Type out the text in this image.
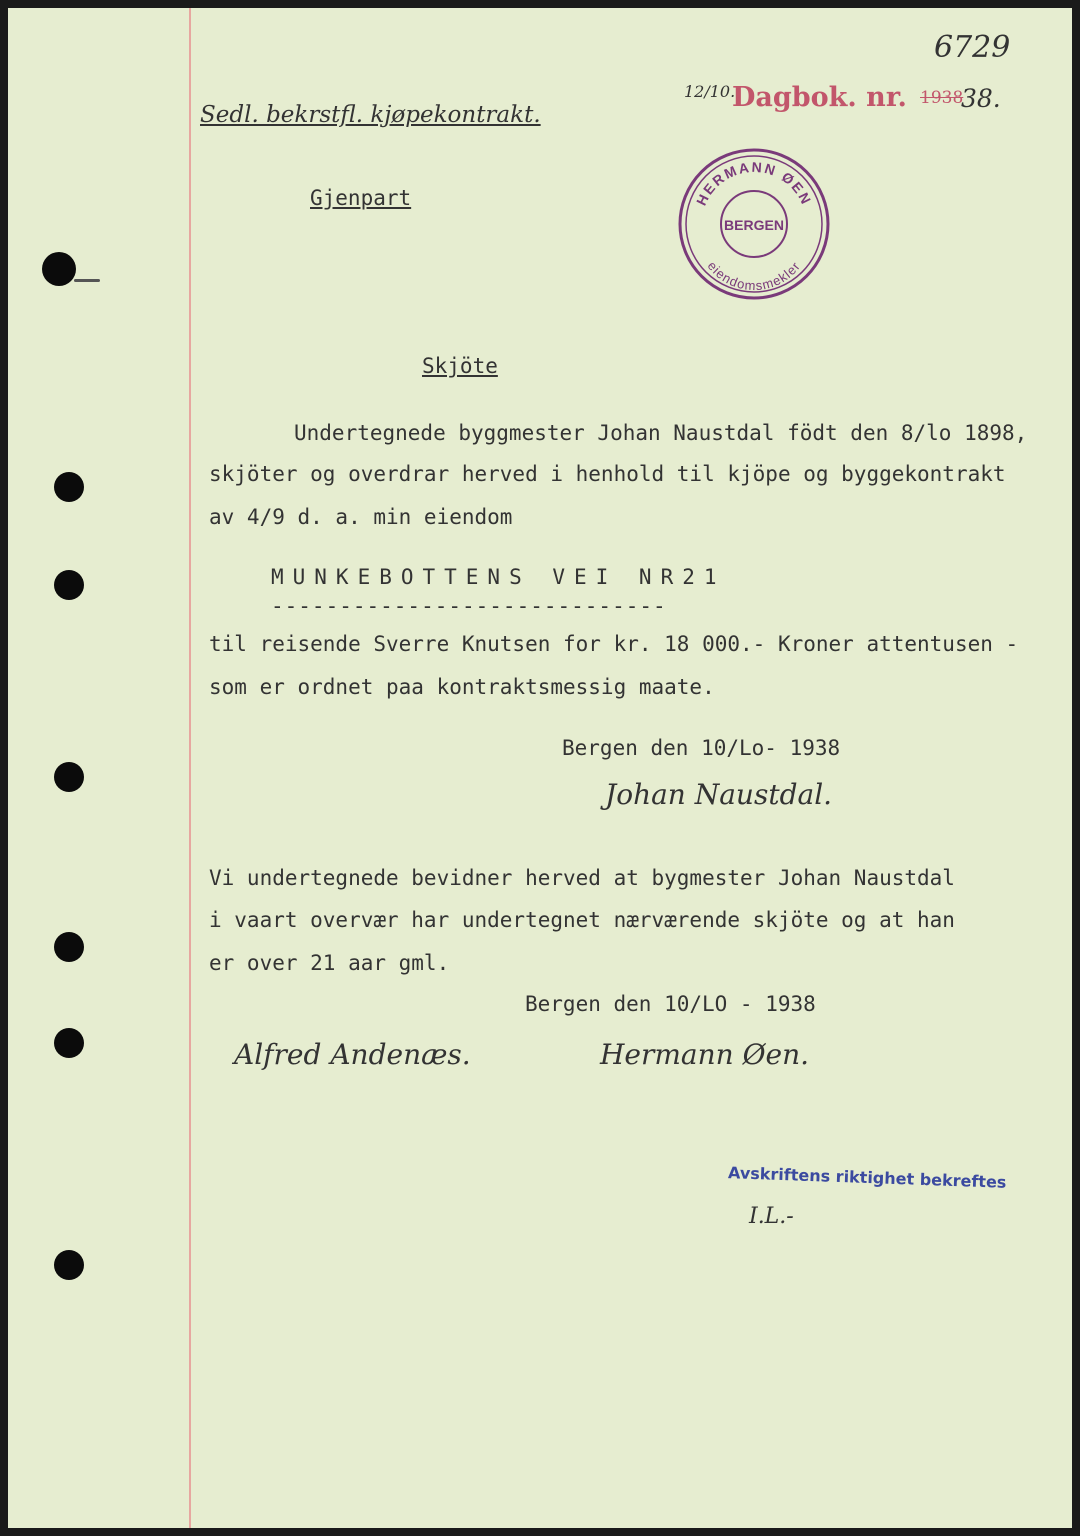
6729
Sedl. bekrstfl. kjøpekontrakt.
12/10.
Dagbok. nr. 1938
38.
HERMANN ØEN
BERGEN
eiendomsmekler
Gjenpart
Skjöte
Undertegnede byggmester Johan Naustdal födt den 8/lo 1898,
skjöter og overdrar herved i henhold til kjöpe og byggekontrakt
av 4/9 d. a. min eiendom
MUNKEBOTTENS VEI NR21
-----------------------------
til reisende Sverre Knutsen for kr. 18 000.- Kroner attentusen -
som er ordnet paa kontraktsmessig maate.
Bergen den 10/Lo- 1938
Johan Naustdal.
Vi undertegnede bevidner herved at bygmester Johan Naustdal
i vaart overvær har undertegnet nærværende skjöte og at han
er over 21 aar gml.
Bergen den 10/LO - 1938
Alfred Andenæs.	Hermann Øen.
Avskriftens riktighet bekreftes
I.L.-
